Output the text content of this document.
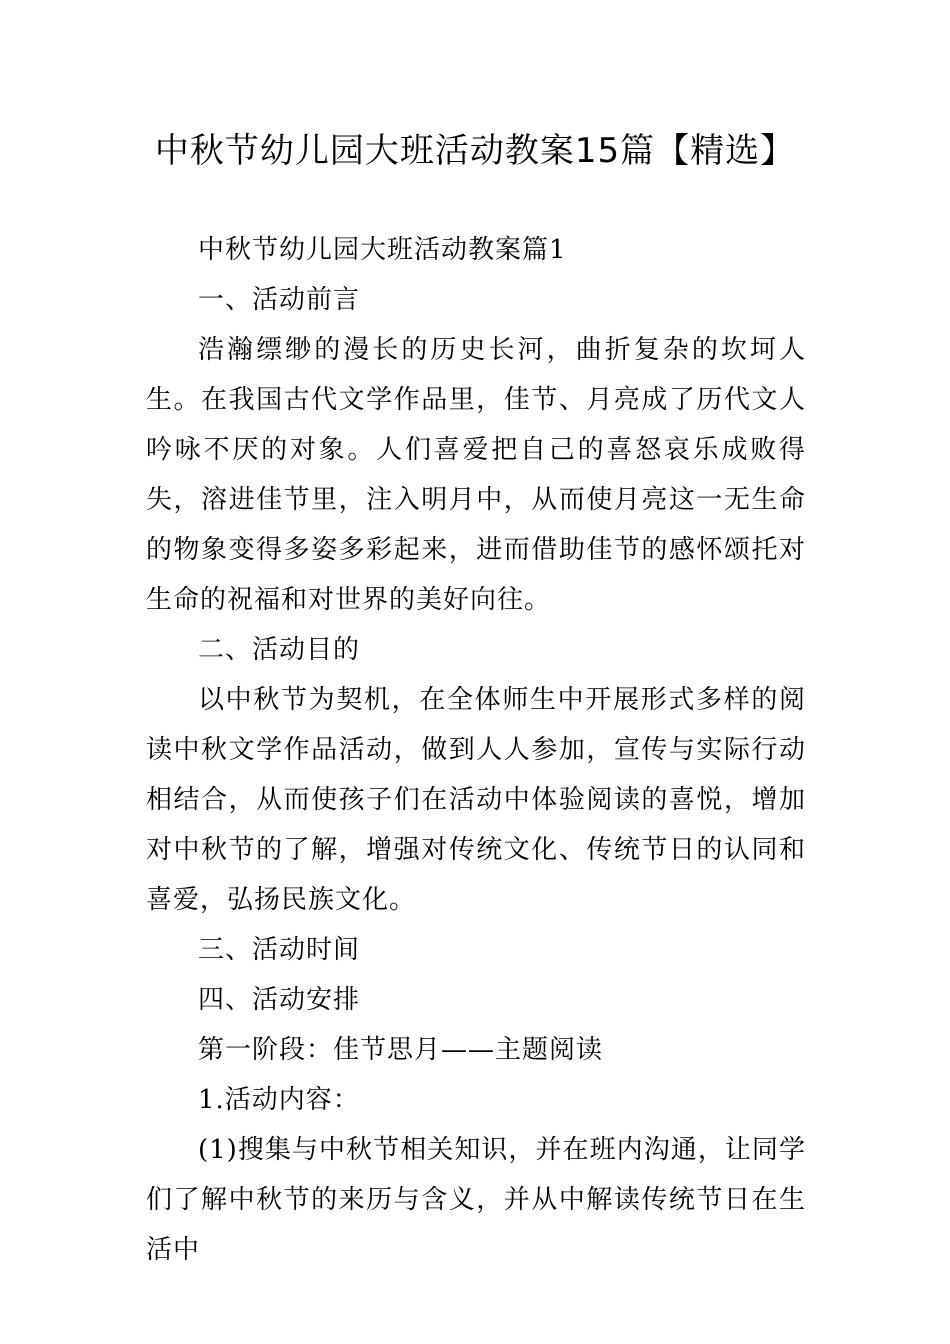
中秋节幼儿园大班活动教案15篇【精选】

中秋节幼儿园大班活动教案篇1

一、活动前言

浩瀚缥缈的漫长的历史长河，曲折复杂的坎坷人生。在我国古代文学作品里，佳节、月亮成了历代文人吟咏不厌的对象。人们喜爱把自己的喜怒哀乐成败得失，溶进佳节里，注入明月中，从而使月亮这一无生命的物象变得多姿多彩起来，进而借助佳节的感怀颂托对生命的祝福和对世界的美好向往。

二、活动目的

以中秋节为契机，在全体师生中开展形式多样的阅读中秋文学作品活动，做到人人参加，宣传与实际行动相结合，从而使孩子们在活动中体验阅读的喜悦，增加对中秋节的了解，增强对传统文化、传统节日的认同和喜爱，弘扬民族文化。

三、活动时间

四、活动安排

第一阶段：佳节思月——主题阅读

1.活动内容：

(1)搜集与中秋节相关知识，并在班内沟通，让同学们了解中秋节的来历与含义，并从中解读传统节日在生活中
